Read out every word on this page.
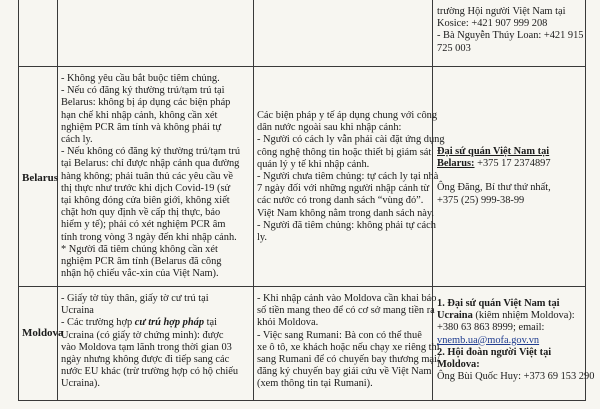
trường Hội người Việt Nam tại
Kosice: +421 907 999 208
- Bà Nguyễn Thúy Loan: +421 915
725 003
Belarus
- Không yêu cầu bắt buộc tiêm chủng.
- Nếu có đăng ký thường trú/tạm trú tại
Belarus: không bị áp dụng các biện pháp
hạn chế khi nhập cảnh, không cần xét
nghiệm PCR âm tính và không phải tự
cách ly.
- Nếu không có đăng ký thường trú/tạm trú
tại Belarus: chỉ được nhập cảnh qua đường
hàng không; phải tuân thủ các yêu cầu về
thị thực như trước khi dịch Covid-19 (sử
tại không đóng cửa biên giới, không xiết
chặt hơn quy định về cấp thị thực, bảo
hiểm y tế); phải có xét nghiệm PCR âm
tính trong vòng 3 ngày đến khi nhập cảnh.
* Người đã tiêm chủng không cần xét
nghiệm PCR âm tính (Belarus đã công
nhận hộ chiếu vắc-xin của Việt Nam).
Các biện pháp y tế áp dụng chung với công
dân nước ngoài sau khi nhập cảnh:
- Người có cách ly vẫn phải cài đặt ứng dụng
công nghệ thông tin hoặc thiết bị giám sát
quản lý y tế khi nhập cảnh.
- Người chưa tiêm chủng: tự cách ly tại nhà
7 ngày đối với những người nhập cảnh từ
các nước có trong danh sách “vùng đỏ”.
Việt Nam không nằm trong danh sách này.
- Người đã tiêm chủng: không phải tự cách
ly.
Đại sứ quán Việt Nam tại
Belarus: +375 17 2374897
Ông Đăng, Bí thư thứ nhất,
+375 (25) 999-38-99
Moldova
- Giấy tờ tùy thân, giấy tờ cư trú tại
Ucraina
- Các trường hợp cư trú hợp pháp tại
Ucraina (có giấy tờ chứng minh): được
vào Moldova tạm lãnh trong thời gian 03
ngày nhưng không được đi tiếp sang các
nước EU khác (trừ trường hợp có hộ chiếu
Ucraina).
- Khi nhập cảnh vào Moldova cần khai báo
số tiền mang theo để có cơ sở mang tiền ra
khỏi Moldova.
- Việc sang Rumani: Bà con có thể thuê
xe ô tô, xe khách hoặc nếu chạy xe riêng thì
sang Rumani để có chuyến bay thương mại/
đăng ký chuyến bay giải cứu về Việt Nam
(xem thông tin tại Rumani).
1. Đại sứ quán Việt Nam tại
Ucraina (kiêm nhiệm Moldova):
+380 63 863 8999; email:
vnemb.ua@mofa.gov.vn
2. Hội đoàn người Việt tại
Moldova:
Ông Bùi Quốc Huy: +373 69 153 290
